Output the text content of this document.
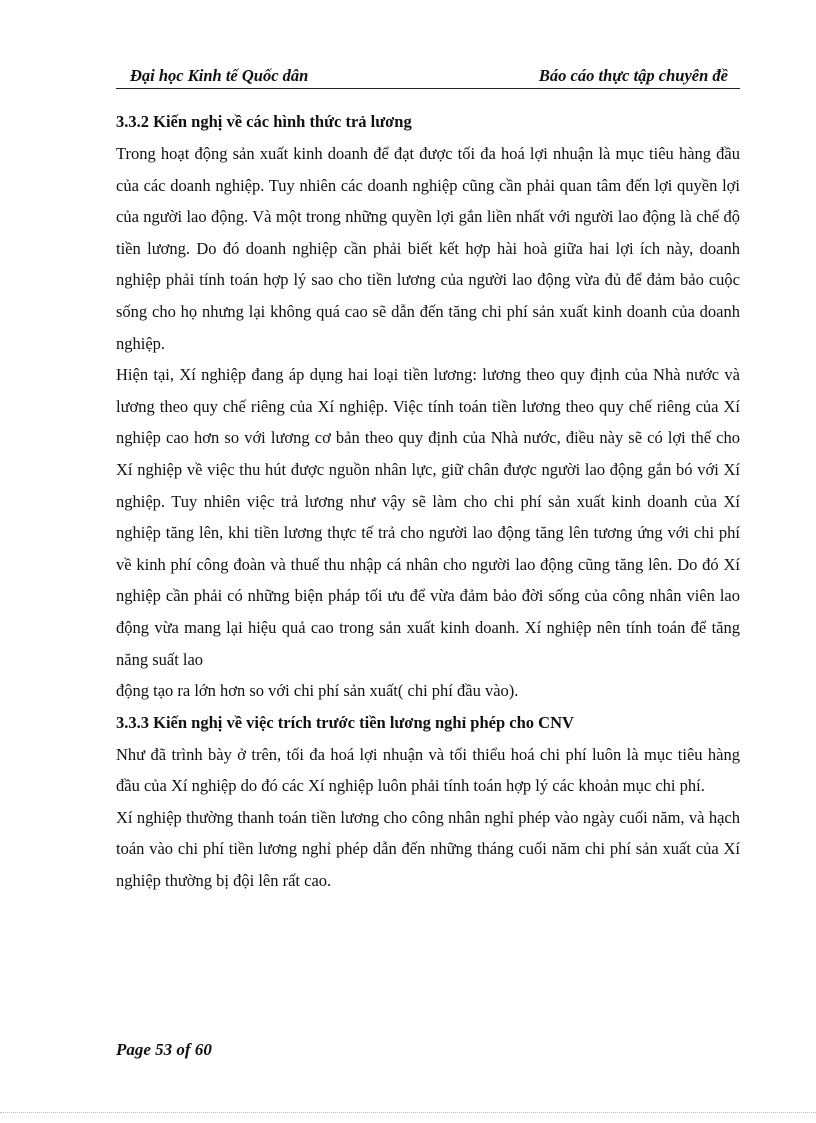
Đại học Kinh tế Quốc dân	Báo cáo thực tập chuyên đề
3.3.2 Kiến nghị về các hình thức trả lương

Trong hoạt động sản xuất kinh doanh để đạt được tối đa hoá lợi nhuận là mục tiêu hàng đầu của các doanh nghiệp. Tuy nhiên các doanh nghiệp cũng cần phải quan tâm đến lợi quyền lợi của người lao động. Và một trong những quyền lợi gắn liền nhất với người lao động là chế độ tiền lương. Do đó doanh nghiệp cần phải biết kết hợp hài hoà giữa hai lợi ích này, doanh nghiệp phải tính toán hợp lý sao cho tiền lương của người lao động vừa đủ để đảm bảo cuộc sống cho họ nhưng lại không quá cao sẽ dẫn đến tăng chi phí sản xuất kinh doanh của doanh nghiệp.

Hiện tại, Xí nghiệp đang áp dụng hai loại tiền lương: lương theo quy định của Nhà nước và lương theo quy chế riêng của Xí nghiệp. Việc tính toán tiền lương theo quy chế riêng của Xí nghiệp cao hơn so với lương cơ bản theo quy định của Nhà nước, điều này sẽ có lợi thế cho Xí nghiệp về việc thu hút được nguồn nhân lực, giữ chân được người lao động gắn bó với Xí nghiệp. Tuy nhiên việc trả lương như vậy sẽ làm cho chi phí sản xuất kinh doanh của Xí nghiệp tăng lên, khi tiền lương thực tế trả cho người lao động tăng lên tương ứng với chi phí về kinh phí công đoàn và thuế thu nhập cá nhân cho người lao động cũng tăng lên. Do đó Xí nghiệp cần phải có những biện pháp tối ưu để vừa đảm bảo đời sống của công nhân viên lao động vừa mang lại hiệu quả cao trong sản xuất kinh doanh. Xí nghiệp nên tính toán để tăng năng suất lao

động tạo ra lớn hơn so với chi phí sản xuất( chi phí đầu vào).

3.3.3 Kiến nghị về việc trích trước tiền lương nghỉ phép cho CNV

Như đã trình bày ở trên, tối đa hoá lợi nhuận và tối thiểu hoá chi phí luôn là mục tiêu hàng đầu của Xí nghiệp do đó các Xí nghiệp luôn phải tính toán hợp lý các khoản mục chi phí.

Xí nghiệp thường thanh toán tiền lương cho công nhân nghỉ phép vào ngày cuối năm, và hạch toán vào chi phí tiền lương nghỉ phép dẫn đến những tháng cuối năm chi phí sản xuất của Xí nghiệp thường bị đội lên rất cao.

Page 53 of 60
